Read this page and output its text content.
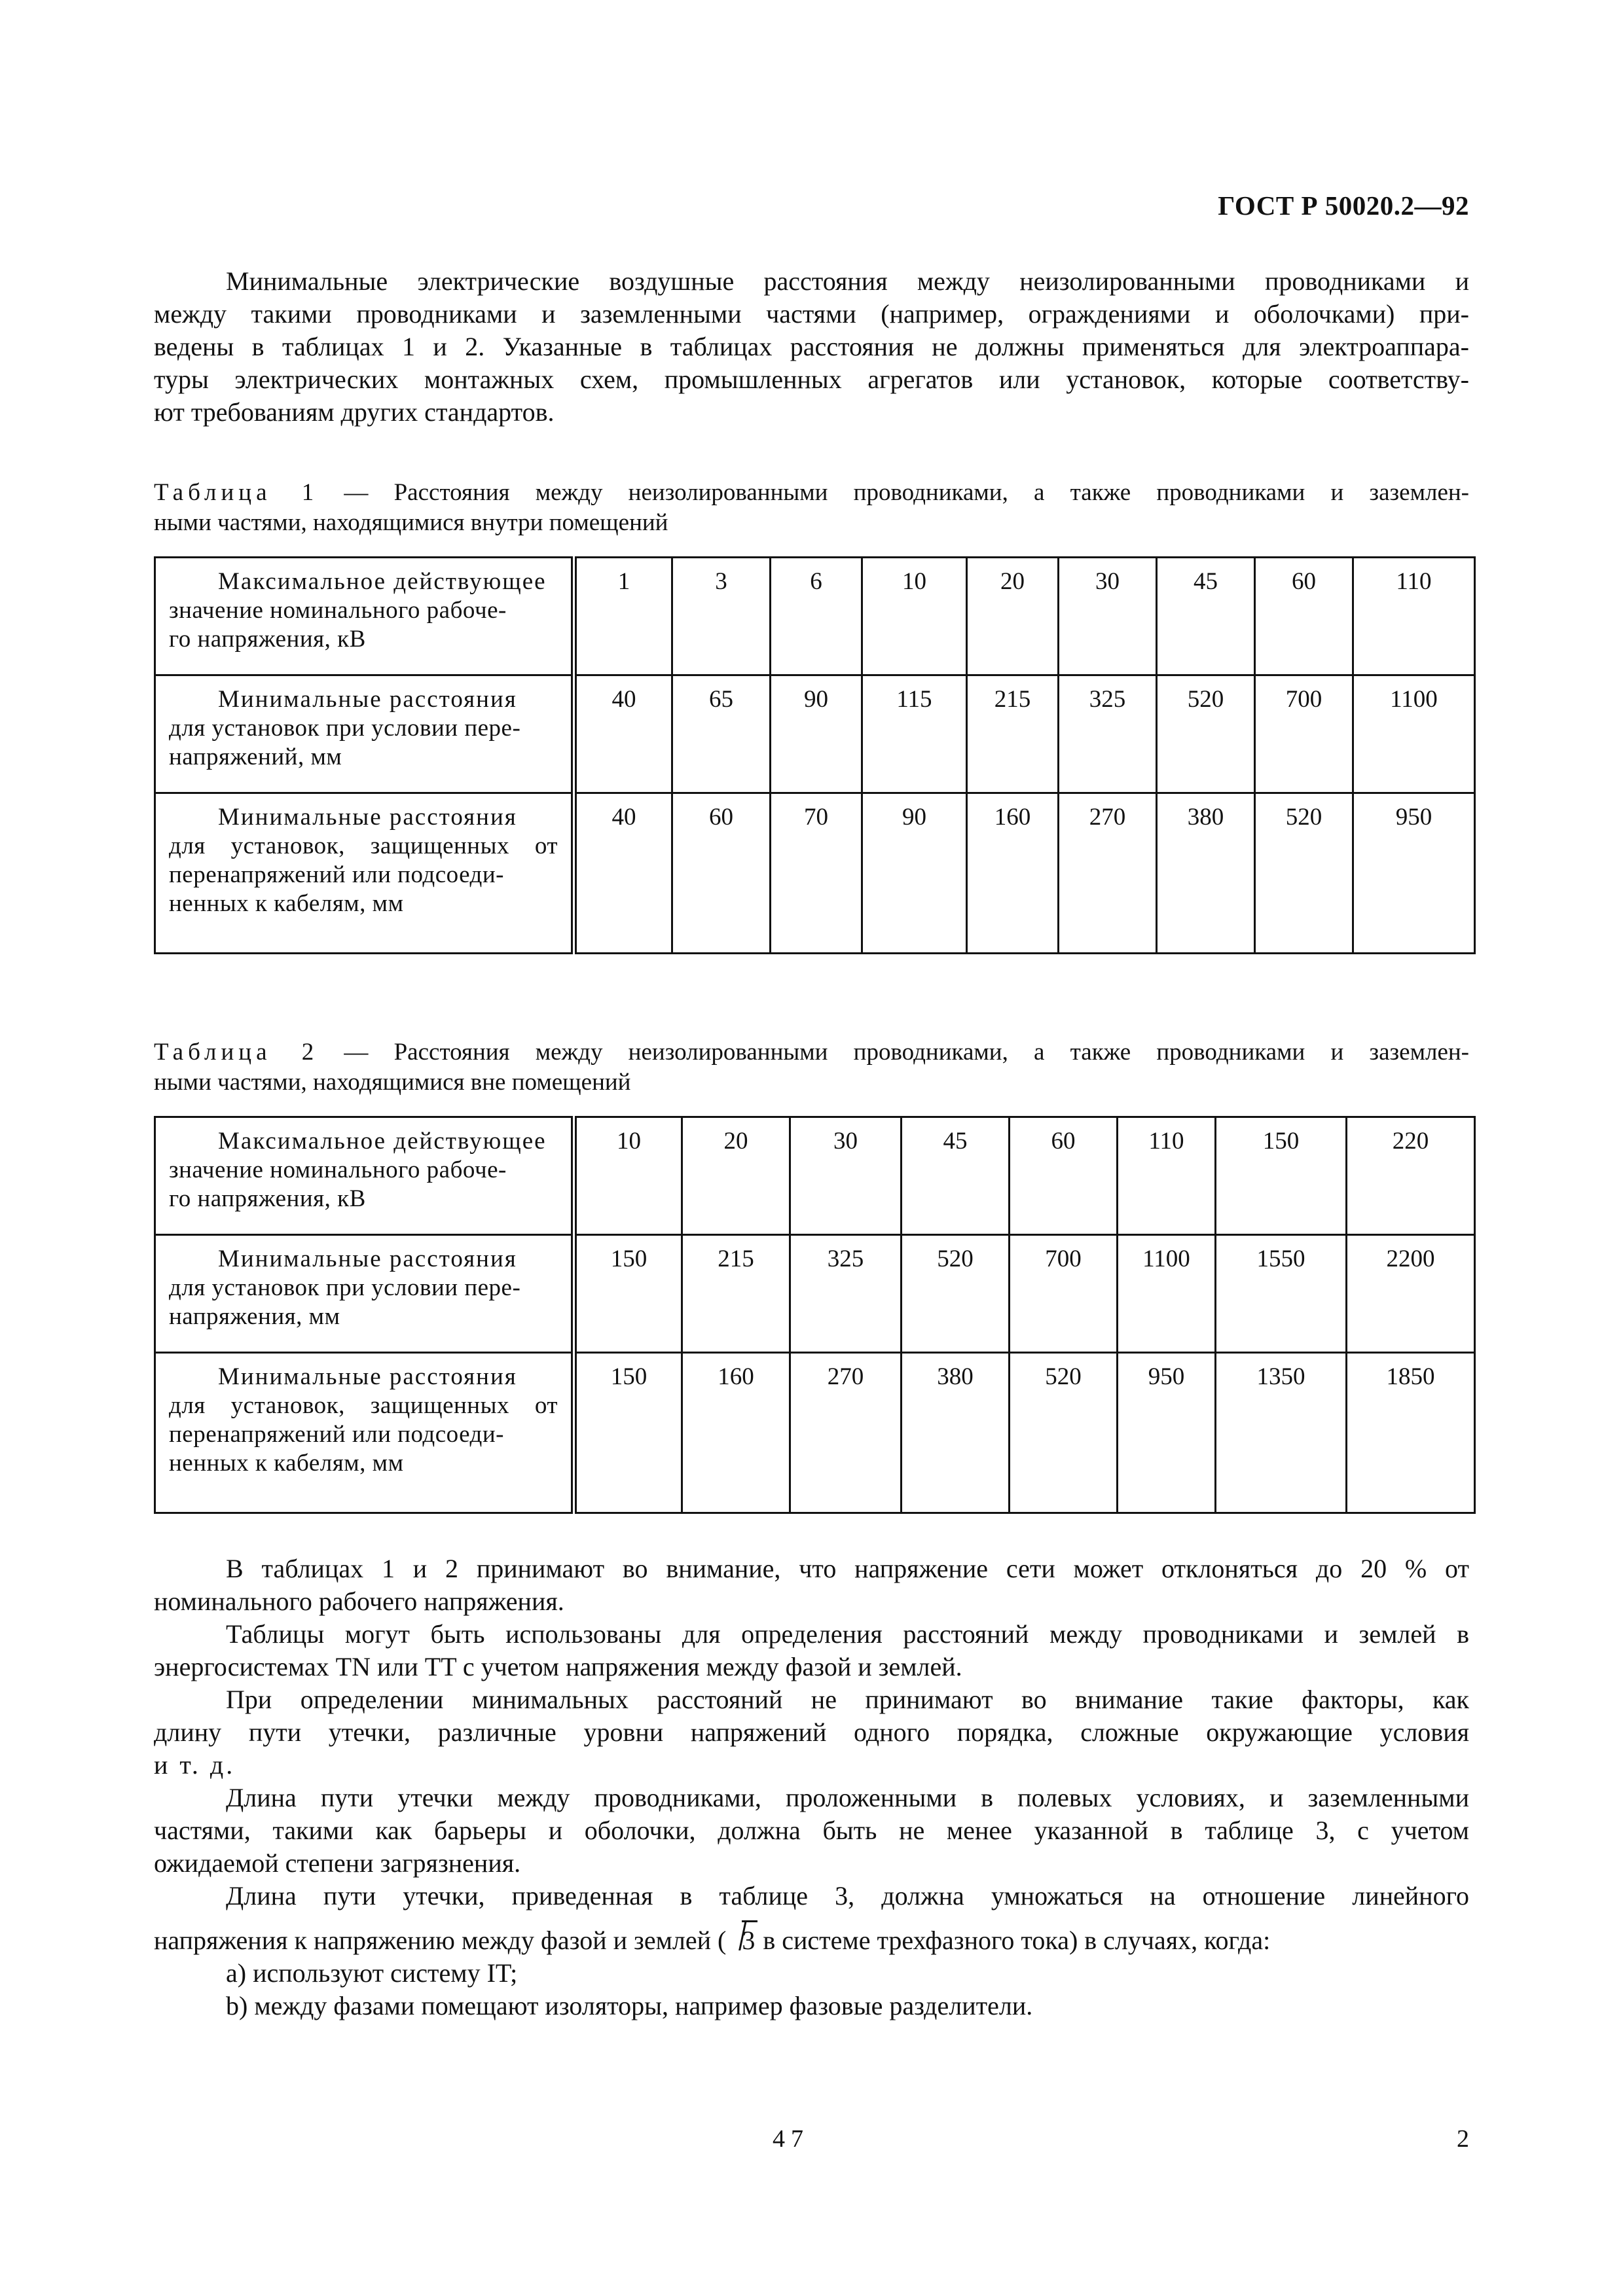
ГОСТ Р 50020.2—92
Минимальные электрические воздушные расстояния между неизолированными проводниками и
между такими проводниками и заземленными частями (например, ограждениями и оболочками) при-
ведены в таблицах 1 и 2. Указанные в таблицах расстояния не должны применяться для электроаппара-
туры электрических монтажных схем, промышленных агрегатов или установок, которые соответству-
ют требованиям других стандартов.
Таблица 1 — Расстояния между неизолированными проводниками, а также проводниками и заземлен-
ными частями, находящимися внутри помещений
Максимальное действующее
значение номинального рабоче-
го напряжения, кВ	1	3	6	10	20	30	45	60	110

Минимальные расстояния
для установок при условии пере-
напряжений, мм	40	65	90	115	215	325	520	700	1100

Минимальные расстояния
для установок, защищенных от
перенапряжений или подсоеди-
ненных к кабелям, мм	40	60	70	90	160	270	380	520	950
Таблица 2 — Расстояния между неизолированными проводниками, а также проводниками и заземлен-
ными частями, находящимися вне помещений
Максимальное действующее
значение номинального рабоче-
го напряжения, кВ	10	20	30	45	60	110	150	220

Минимальные расстояния
для установок при условии пере-
напряжения, мм	150	215	325	520	700	1100	1550	2200

Минимальные расстояния
для установок, защищенных от
перенапряжений или подсоеди-
ненных к кабелям, мм	150	160	270	380	520	950	1350	1850
В таблицах 1 и 2 принимают во внимание, что напряжение сети может отклоняться до 20 % от
номинального рабочего напряжения.
Таблицы могут быть использованы для определения расстояний между проводниками и землей в
энергосистемах TN или TT с учетом напряжения между фазой и землей.
При определении минимальных расстояний не принимают во внимание такие факторы, как
длину пути утечки, различные уровни напряжений одного порядка, сложные окружающие условия
и т. д.
Длина пути утечки между проводниками, проложенными в полевых условиях, и заземленными
частями, такими как барьеры и оболочки, должна быть не менее указанной в таблице 3, с учетом
ожидаемой степени загрязнения.
Длина пути утечки, приведенная в таблице 3, должна умножаться на отношение линейного
напряжения к напряжению между фазой и землей ( 3 в системе трехфазного тока) в случаях, когда:
a) используют систему IT;
b) между фазами помещают изоляторы, например фазовые разделители.
47	2
